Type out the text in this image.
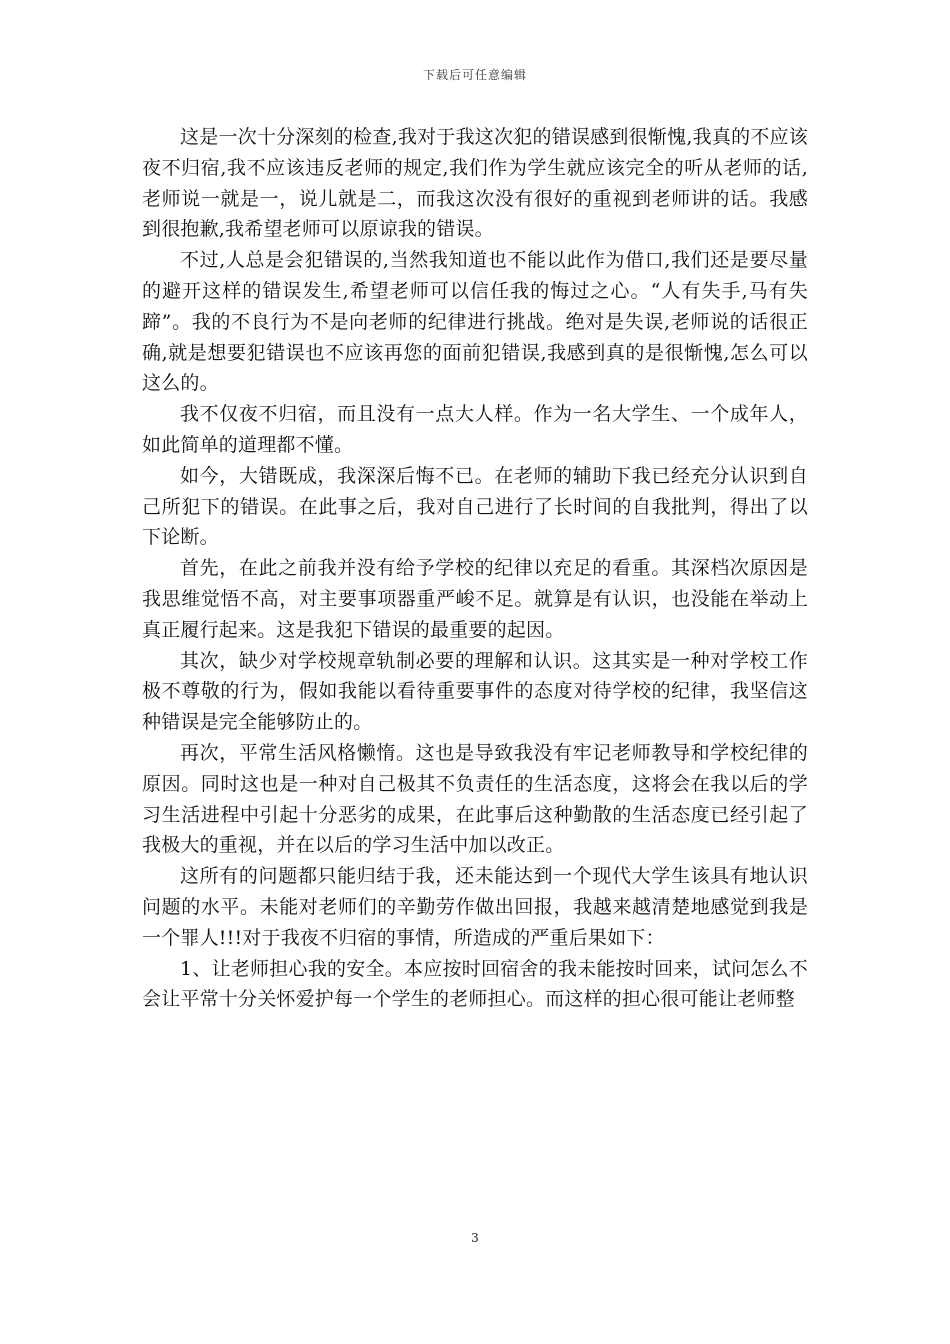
下载后可任意编辑

这是一次十分深刻的检查,我对于我这次犯的错误感到很惭愧,我真的不应该夜不归宿,我不应该违反老师的规定,我们作为学生就应该完全的听从老师的话,老师说一就是一，说儿就是二，而我这次没有很好的重视到老师讲的话。我感到很抱歉,我希望老师可以原谅我的错误。

不过,人总是会犯错误的,当然我知道也不能以此作为借口,我们还是要尽量的避开这样的错误发生,希望老师可以信任我的悔过之心。“人有失手,马有失蹄”。我的不良行为不是向老师的纪律进行挑战。绝对是失误,老师说的话很正确,就是想要犯错误也不应该再您的面前犯错误,我感到真的是很惭愧,怎么可以这么的。

我不仅夜不归宿，而且没有一点大人样。作为一名大学生、一个成年人，如此简单的道理都不懂。

如今，大错既成，我深深后悔不已。在老师的辅助下我已经充分认识到自己所犯下的错误。在此事之后，我对自己进行了长时间的自我批判，得出了以下论断。

首先，在此之前我并没有给予学校的纪律以充足的看重。其深档次原因是我思维觉悟不高，对主要事项器重严峻不足。就算是有认识，也没能在举动上真正履行起来。这是我犯下错误的最重要的起因。

其次，缺少对学校规章轨制必要的理解和认识。这其实是一种对学校工作极不尊敬的行为，假如我能以看待重要事件的态度对待学校的纪律，我坚信这种错误是完全能够防止的。

再次，平常生活风格懒惰。这也是导致我没有牢记老师教导和学校纪律的原因。同时这也是一种对自己极其不负责任的生活态度，这将会在我以后的学习生活进程中引起十分恶劣的成果，在此事后这种勤散的生活态度已经引起了我极大的重视，并在以后的学习生活中加以改正。

这所有的问题都只能归结于我，还未能达到一个现代大学生该具有地认识问题的水平。未能对老师们的辛勤劳作做出回报，我越来越清楚地感觉到我是一个罪人!!!对于我夜不归宿的事情，所造成的严重后果如下：

1、让老师担心我的安全。本应按时回宿舍的我未能按时回来，试问怎么不会让平常十分关怀爱护每一个学生的老师担心。而这样的担心很可能让老师整

3
